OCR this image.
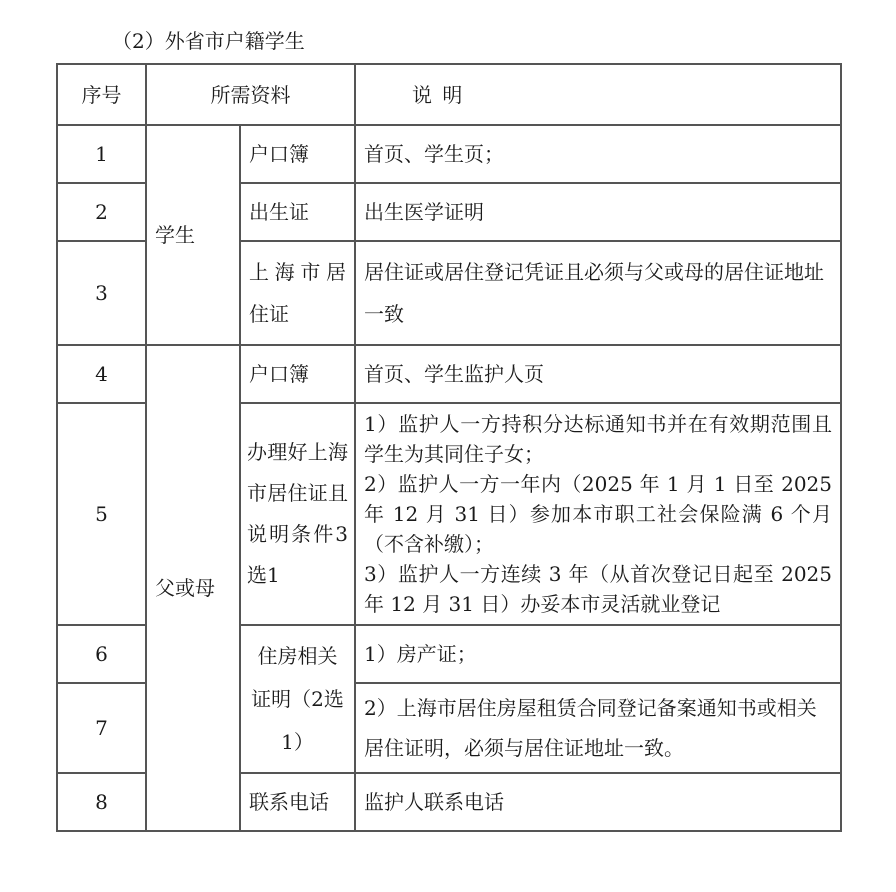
（2）外省市户籍学生
序号	所需资料		说 明
1	学生	户口簿	首页、学生页；
2		出生证	出生医学证明
3		上海市居住证	居住证或居住登记凭证且必须与父或母的居住证地址一致
4	父或母	户口簿	首页、学生监护人页
5		办理好上海市居住证且说明条件3选1	1）监护人一方持积分达标通知书并在有效期范围且学生为其同住子女；
2）监护人一方一年内（2025 年 1 月 1 日至 2025 年 12 月 31 日）参加本市职工社会保险满 6 个月（不含补缴）；
3）监护人一方连续 3 年（从首次登记日起至 2025 年 12 月 31 日）办妥本市灵活就业登记

6		住房相关证明（2选1）	1）房产证；
7			2）上海市居住房屋租赁合同登记备案通知书或相关居住证明，必须与居住证地址一致。
8		联系电话	监护人联系电话
